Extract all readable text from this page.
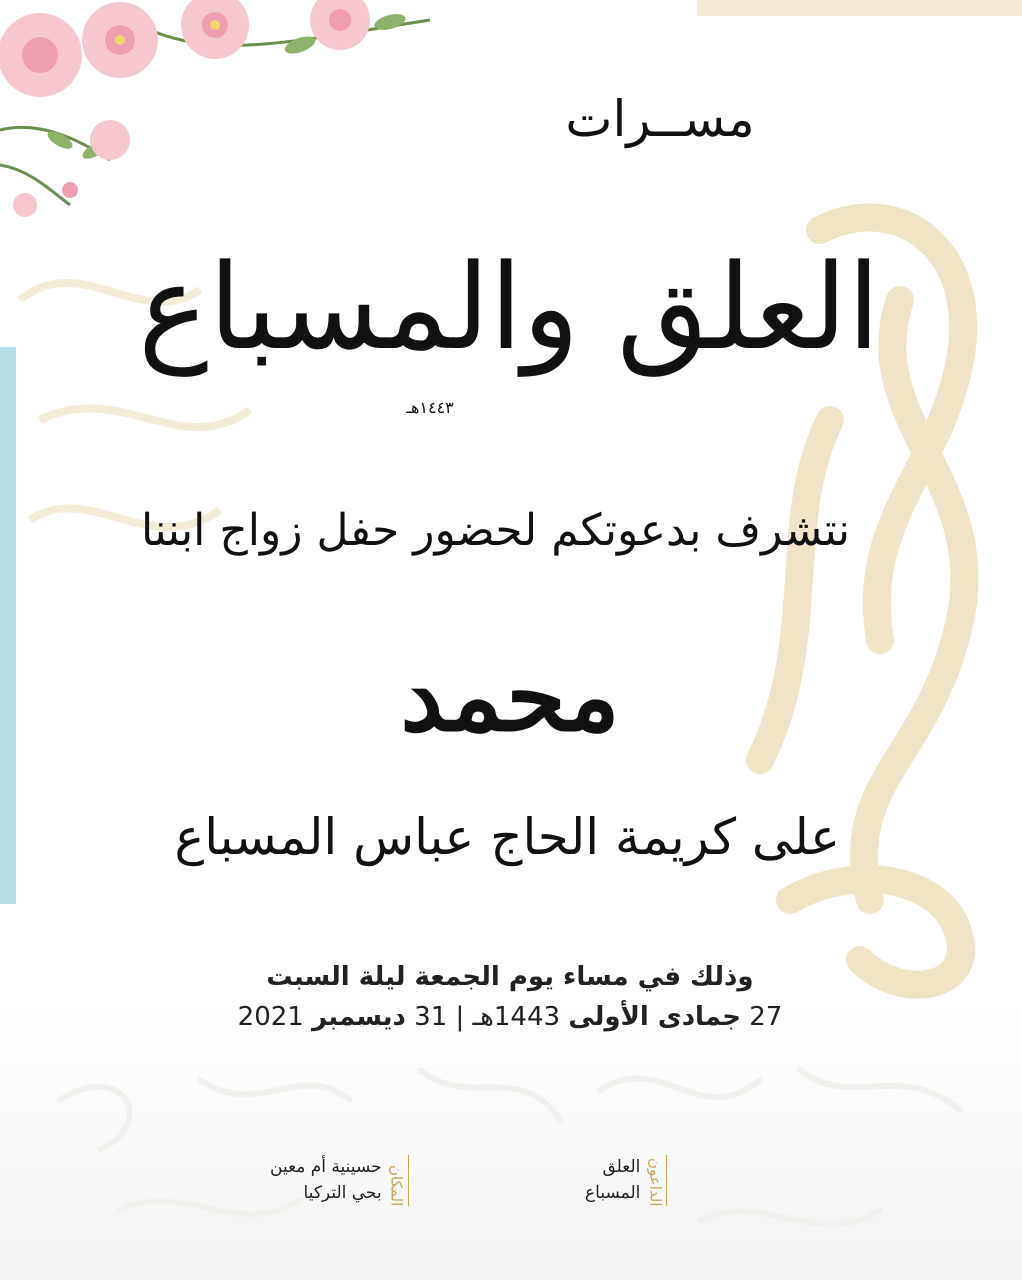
مســرات
العلق والمسباع
١٤٤٣هـ
نتشرف بدعوتكم لحضور حفل زواج ابننا
محمد
على كريمة الحاج عباس المسباع
وذلك في مساء يوم الجمعة ليلة السبت
27 جمادى الأولى 1443هـ | 31 ديسمبر 2021
الداعون
العلق
المسباع
المكان
حسينية أم معين
بحي التركيا
